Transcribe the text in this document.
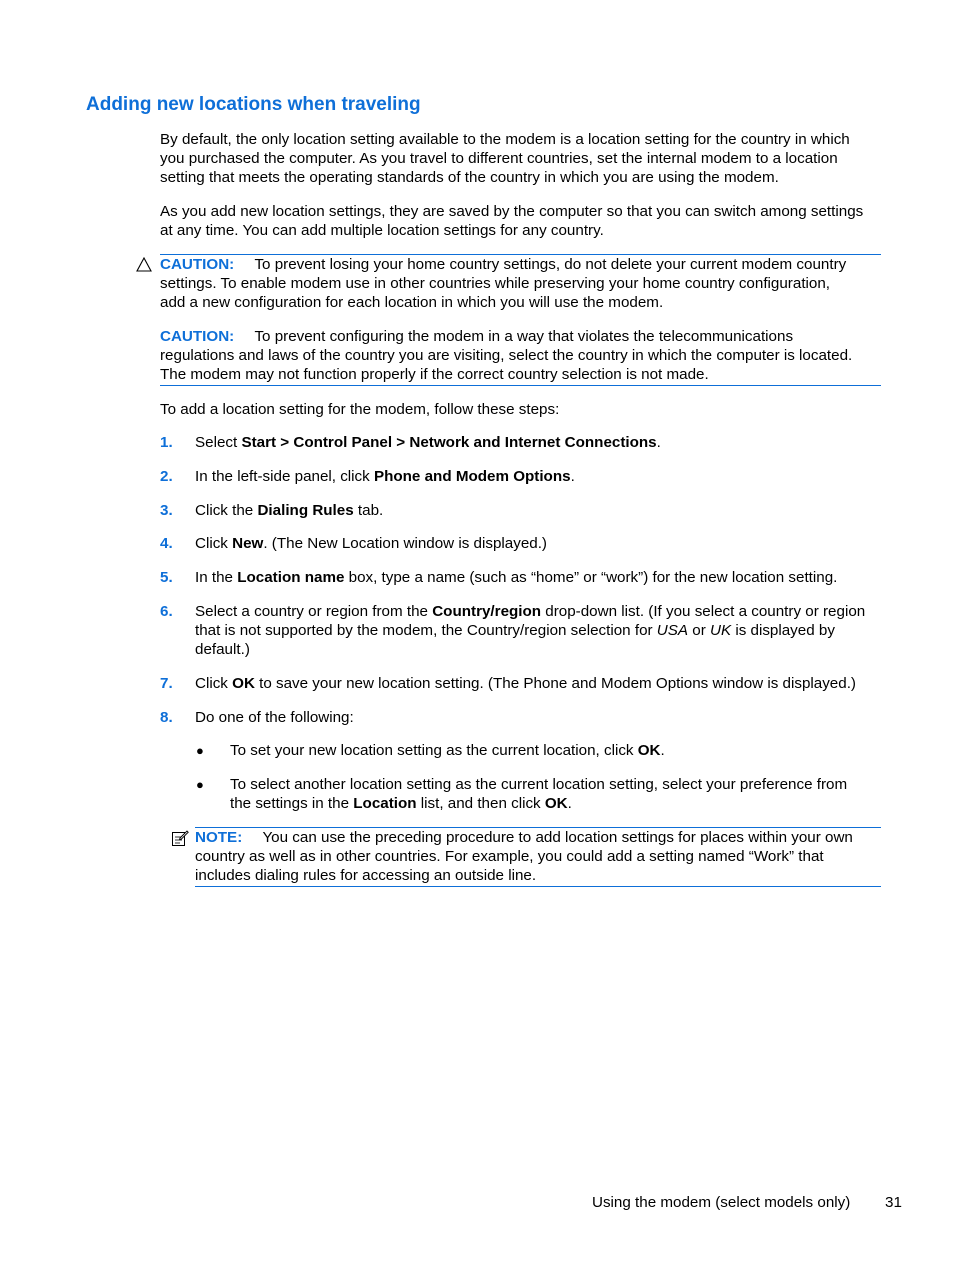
Adding new locations when traveling
By default, the only location setting available to the modem is a location setting for the country in which
you purchased the computer. As you travel to different countries, set the internal modem to a location
setting that meets the operating standards of the country in which you are using the modem.
As you add new location settings, they are saved by the computer so that you can switch among settings
at any time. You can add multiple location settings for any country.
CAUTION: To prevent losing your home country settings, do not delete your current modem country
settings. To enable modem use in other countries while preserving your home country configuration,
add a new configuration for each location in which you will use the modem.
CAUTION: To prevent configuring the modem in a way that violates the telecommunications
regulations and laws of the country you are visiting, select the country in which the computer is located.
The modem may not function properly if the correct country selection is not made.
To add a location setting for the modem, follow these steps:
1. Select Start > Control Panel > Network and Internet Connections.
2. In the left-side panel, click Phone and Modem Options.
3. Click the Dialing Rules tab.
4. Click New. (The New Location window is displayed.)
5. In the Location name box, type a name (such as “home” or “work”) for the new location setting.
6. Select a country or region from the Country/region drop-down list. (If you select a country or region
that is not supported by the modem, the Country/region selection for USA or UK is displayed by
default.)
7. Click OK to save your new location setting. (The Phone and Modem Options window is displayed.)
8. Do one of the following:
● To set your new location setting as the current location, click OK.
● To select another location setting as the current location setting, select your preference from
the settings in the Location list, and then click OK.
NOTE: You can use the preceding procedure to add location settings for places within your own
country as well as in other countries. For example, you could add a setting named “Work” that
includes dialing rules for accessing an outside line.
Using the modem (select models only) 31
